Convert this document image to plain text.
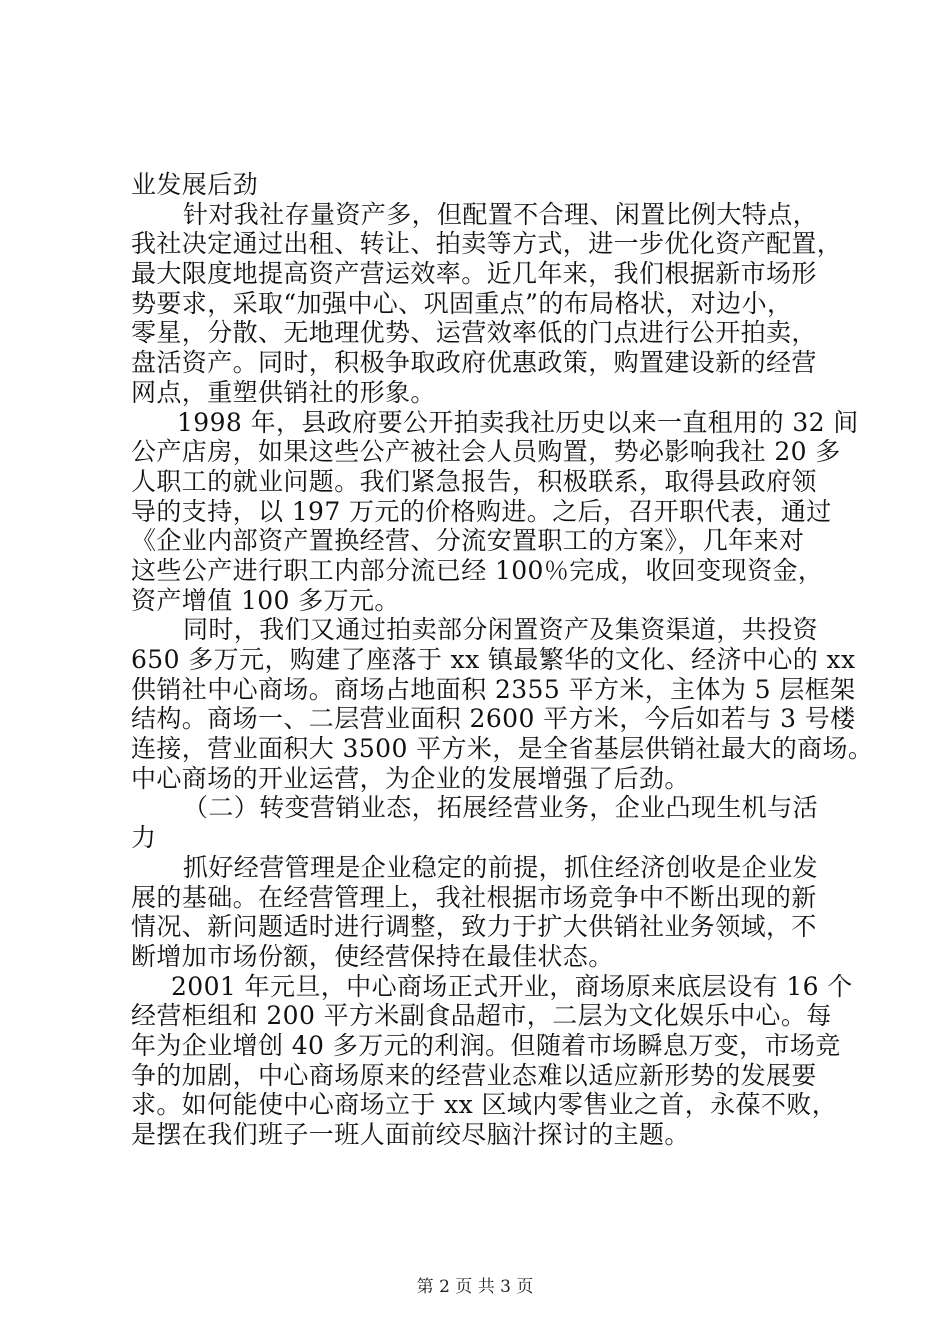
业发展后劲
针对我社存量资产多，但配置不合理、闲置比例大特点，
我社决定通过出租、转让、拍卖等方式，进一步优化资产配置，
最大限度地提高资产营运效率。近几年来，我们根据新市场形
势要求，采取“加强中心、巩固重点”的布局格状，对边小，
零星，分散、无地理优势、运营效率低的门点进行公开拍卖，
盘活资产。同时，积极争取政府优惠政策，购置建设新的经营
网点，重塑供销社的形象。
1998 年，县政府要公开拍卖我社历史以来一直租用的 32 间
公产店房，如果这些公产被社会人员购置，势必影响我社 20 多
人职工的就业问题。我们紧急报告，积极联系，取得县政府领
导的支持，以 197 万元的价格购进。之后，召开职代表，通过
《企业内部资产置换经营、分流安置职工的方案》，几年来对
这些公产进行职工内部分流已经 100％完成，收回变现资金，
资产增值 100 多万元。
同时，我们又通过拍卖部分闲置资产及集资渠道，共投资
650 多万元，购建了座落于 xx 镇最繁华的文化、经济中心的 xx
供销社中心商场。商场占地面积 2355 平方米，主体为 5 层框架
结构。商场一、二层营业面积 2600 平方米，今后如若与 3 号楼
连接，营业面积大 3500 平方米，是全省基层供销社最大的商场。
中心商场的开业运营，为企业的发展增强了后劲。
（二）转变营销业态，拓展经营业务，企业凸现生机与活
力
抓好经营管理是企业稳定的前提，抓住经济创收是企业发
展的基础。在经营管理上，我社根据市场竞争中不断出现的新
情况、新问题适时进行调整，致力于扩大供销社业务领域，不
断增加市场份额，使经营保持在最佳状态。
2001 年元旦，中心商场正式开业，商场原来底层设有 16 个
经营柜组和 200 平方米副食品超市，二层为文化娱乐中心。每
年为企业增创 40 多万元的利润。但随着市场瞬息万变，市场竞
争的加剧，中心商场原来的经营业态难以适应新形势的发展要
求。如何能使中心商场立于 xx 区域内零售业之首，永葆不败，
是摆在我们班子一班人面前绞尽脑汁探讨的主题。
第 2 页 共 3 页
